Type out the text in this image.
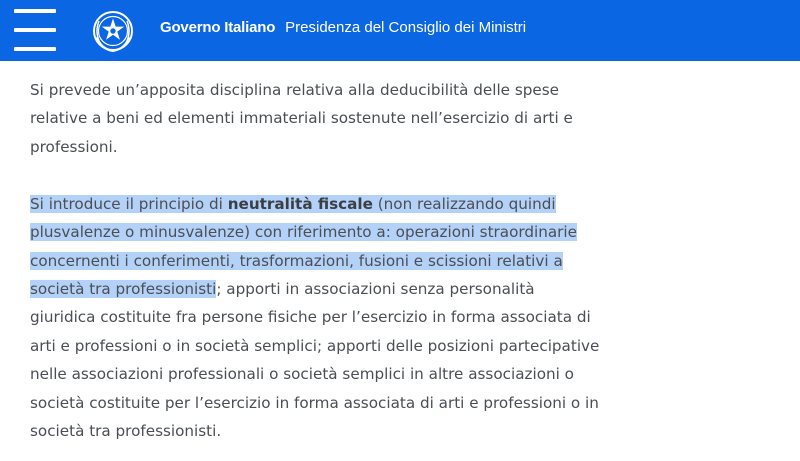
Governo Italiano Presidenza del Consiglio dei Ministri

Si prevede un’apposita disciplina relativa alla deducibilità delle spese relative a beni ed elementi immateriali sostenute nell’esercizio di arti e professioni.

Si introduce il principio di neutralità fiscale (non realizzando quindi plusvalenze o minusvalenze) con riferimento a: operazioni straordinarie concernenti i conferimenti, trasformazioni, fusioni e scissioni relativi a società tra professionisti; apporti in associazioni senza personalità giuridica costituite fra persone fisiche per l’esercizio in forma associata di arti e professioni o in società semplici; apporti delle posizioni partecipative nelle associazioni professionali o società semplici in altre associazioni o società costituite per l’esercizio in forma associata di arti e professioni o in società tra professionisti.
